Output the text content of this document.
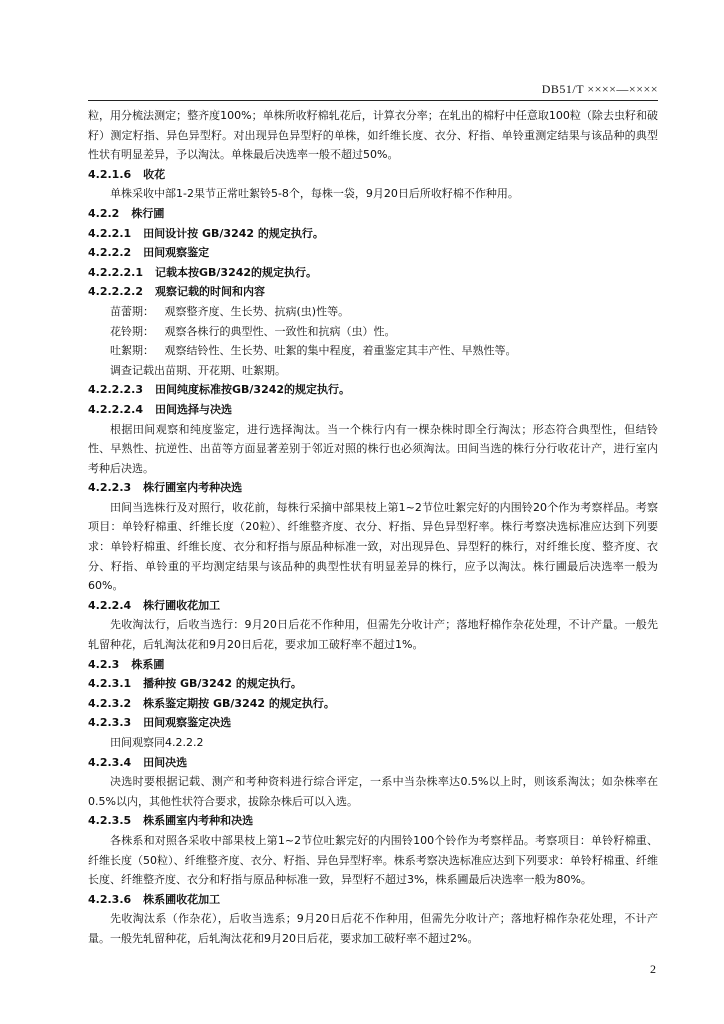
DB51/T ××××—××××

粒，用分梳法测定；整齐度100%；单株所收籽棉轧花后，计算衣分率；在轧出的棉籽中任意取100粒（除去虫籽和破籽）测定籽指、异色异型籽。对出现异色异型籽的单株，如纤维长度、衣分、籽指、单铃重测定结果与该品种的典型性状有明显差异，予以淘汰。单株最后决选率一般不超过50%。

4.2.1.6 收花

单株采收中部1-2果节正常吐絮铃5-8个，每株一袋，9月20日后所收籽棉不作种用。

4.2.2 株行圃

4.2.2.1 田间设计按 GB/3242 的规定执行。

4.2.2.2 田间观察鉴定

4.2.2.2.1 记载本按GB/3242的规定执行。

4.2.2.2.2 观察记载的时间和内容

苗蕾期：   观察整齐度、生长势、抗病(虫)性等。

花铃期：   观察各株行的典型性、一致性和抗病（虫）性。

吐絮期：   观察结铃性、生长势、吐絮的集中程度，着重鉴定其丰产性、早熟性等。

调查记载出苗期、开花期、吐絮期。

4.2.2.2.3 田间纯度标准按GB/3242的规定执行。

4.2.2.2.4 田间选择与决选

根据田间观察和纯度鉴定，进行选择淘汰。当一个株行内有一棵杂株时即全行淘汰；形态符合典型性，但结铃性、早熟性、抗逆性、出苗等方面显著差别于邻近对照的株行也必须淘汰。田间当选的株行分行收花计产，进行室内考种后决选。

4.2.2.3 株行圃室内考种决选

田间当选株行及对照行，收花前，每株行采摘中部果枝上第1~2节位吐絮完好的内围铃20个作为考察样品。考察项目：单铃籽棉重、纤维长度（20粒）、纤维整齐度、衣分、籽指、异色异型籽率。株行考察决选标准应达到下列要求：单铃籽棉重、纤维长度、衣分和籽指与原品种标准一致，对出现异色、异型籽的株行，对纤维长度、整齐度、衣分、籽指、单铃重的平均测定结果与该品种的典型性状有明显差异的株行，应予以淘汰。株行圃最后决选率一般为60%。

4.2.2.4 株行圃收花加工

先收淘汰行，后收当选行：9月20日后花不作种用，但需先分收计产；落地籽棉作杂花处理，不计产量。一般先轧留种花，后轧淘汰花和9月20日后花，要求加工破籽率不超过1%。

4.2.3 株系圃

4.2.3.1 播种按 GB/3242 的规定执行。

4.2.3.2 株系鉴定期按 GB/3242 的规定执行。

4.2.3.3 田间观察鉴定决选

田间观察同4.2.2.2

4.2.3.4 田间决选

决选时要根据记载、测产和考种资料进行综合评定，一系中当杂株率达0.5%以上时，则该系淘汰；如杂株率在0.5%以内，其他性状符合要求，拔除杂株后可以入选。

4.2.3.5 株系圃室内考种和决选

各株系和对照各采收中部果枝上第1~2节位吐絮完好的内围铃100个铃作为考察样品。考察项目：单铃籽棉重、纤维长度（50粒）、纤维整齐度、衣分、籽指、异色异型籽率。株系考察决选标准应达到下列要求：单铃籽棉重、纤维长度、纤维整齐度、衣分和籽指与原品种标准一致，异型籽不超过3%，株系圃最后决选率一般为80%。

4.2.3.6 株系圃收花加工

先收淘汰系（作杂花），后收当选系；9月20日后花不作种用，但需先分收计产；落地籽棉作杂花处理，不计产量。一般先轧留种花，后轧淘汰花和9月20日后花，要求加工破籽率不超过2%。

2
